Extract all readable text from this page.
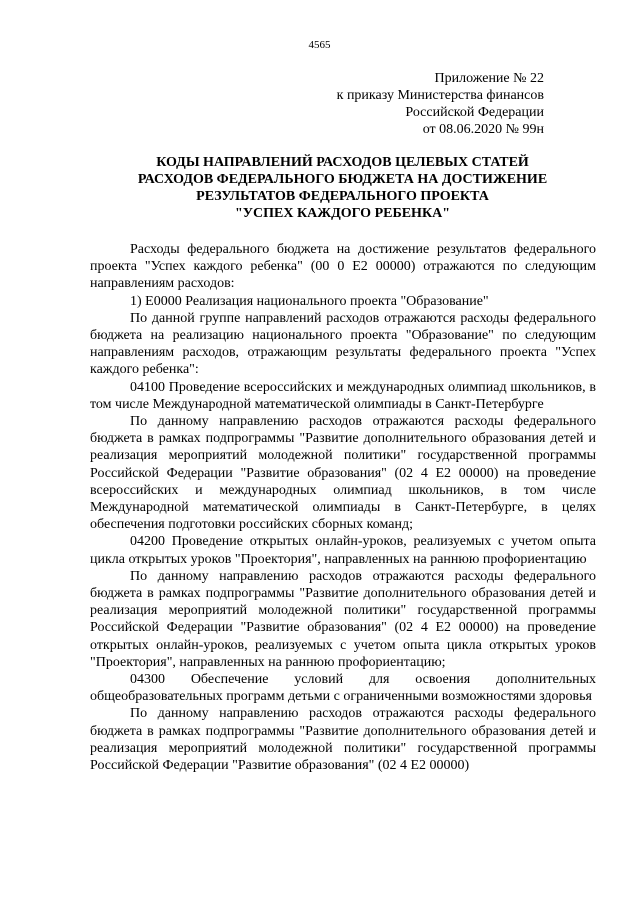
4565
Приложение № 22
к приказу Министерства финансов
Российской Федерации
от 08.06.2020 № 99н
КОДЫ НАПРАВЛЕНИЙ РАСХОДОВ ЦЕЛЕВЫХ СТАТЕЙ
РАСХОДОВ ФЕДЕРАЛЬНОГО БЮДЖЕТА НА ДОСТИЖЕНИЕ
РЕЗУЛЬТАТОВ ФЕДЕРАЛЬНОГО ПРОЕКТА
"УСПЕХ КАЖДОГО РЕБЕНКА"

Расходы федерального бюджета на достижение результатов федерального проекта "Успех каждого ребенка" (00 0 E2 00000) отражаются по следующим направлениям расходов:

1) E0000 Реализация национального проекта "Образование"

По данной группе направлений расходов отражаются расходы федерального бюджета на реализацию национального проекта "Образование" по следующим направлениям расходов, отражающим результаты федерального проекта "Успех каждого ребенка":

04100 Проведение всероссийских и международных олимпиад школьников, в том числе Международной математической олимпиады в Санкт-Петербурге

По данному направлению расходов отражаются расходы федерального бюджета в рамках подпрограммы "Развитие дополнительного образования детей и реализация мероприятий молодежной политики" государственной программы Российской Федерации "Развитие образования" (02 4 E2 00000) на проведение всероссийских и международных олимпиад школьников, в том числе Международной математической олимпиады в Санкт-Петербурге, в целях обеспечения подготовки российских сборных команд;

04200 Проведение открытых онлайн-уроков, реализуемых с учетом опыта цикла открытых уроков "Проектория", направленных на раннюю профориентацию

По данному направлению расходов отражаются расходы федерального бюджета в рамках подпрограммы "Развитие дополнительного образования детей и реализация мероприятий молодежной политики" государственной программы Российской Федерации "Развитие образования" (02 4 E2 00000) на проведение открытых онлайн-уроков, реализуемых с учетом опыта цикла открытых уроков "Проектория", направленных на раннюю профориентацию;

04300 Обеспечение условий для освоения дополнительных общеобразовательных программ детьми с ограниченными возможностями здоровья

По данному направлению расходов отражаются расходы федерального бюджета в рамках подпрограммы "Развитие дополнительного образования детей и реализация мероприятий молодежной политики" государственной программы Российской Федерации "Развитие образования" (02 4 E2 00000)
